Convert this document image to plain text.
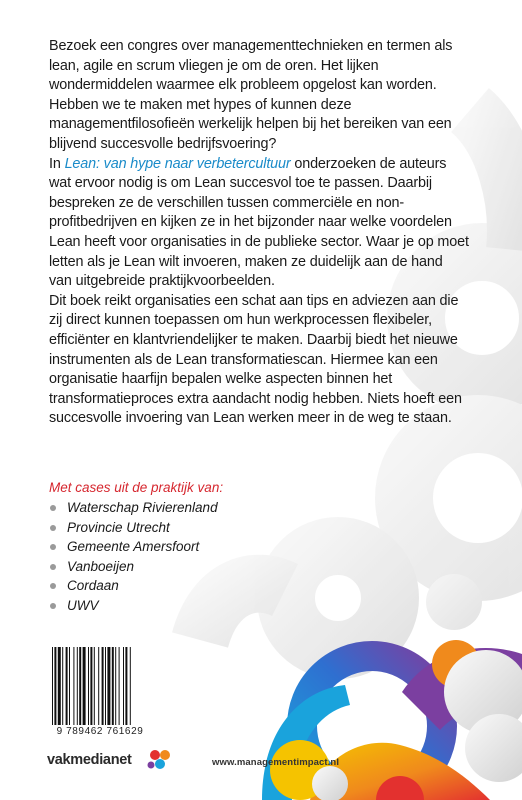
Bezoek een congres over managementtechnieken en termen als lean, agile en scrum vliegen je om de oren. Het lijken wondermiddelen waarmee elk probleem opgelost kan worden. Hebben we te maken met hypes of kunnen deze managementfilosofieën werkelijk helpen bij het bereiken van een blijvend succesvolle bedrijfsvoering?

In Lean: van hype naar verbetercultuur onderzoeken de auteurs wat ervoor nodig is om Lean succesvol toe te passen. Daarbij bespreken ze de verschillen tussen commerciële en non-profitbedrijven en kijken ze in het bijzonder naar welke voordelen Lean heeft voor organisaties in de publieke sector. Waar je op moet letten als je Lean wilt invoeren, maken ze duidelijk aan de hand van uitgebreide praktijkvoorbeelden.

Dit boek reikt organisaties een schat aan tips en adviezen aan die zij direct kunnen toepassen om hun werkprocessen flexibeler, efficiënter en klantvriendelijker te maken. Daarbij biedt het nieuwe instrumenten als de Lean transformatiescan. Hiermee kan een organisatie haarfijn bepalen welke aspecten binnen het transformatieproces extra aandacht nodig hebben. Niets hoeft een succesvolle invoering van Lean werken meer in de weg te staan.

Met cases uit de praktijk van:
Waterschap Rivierenland
Provincie Utrecht
Gemeente Amersfoort
Vanboeijen
Cordaan
UWV
9 789462 761629
vakmedianet	www.managementimpact.nl
